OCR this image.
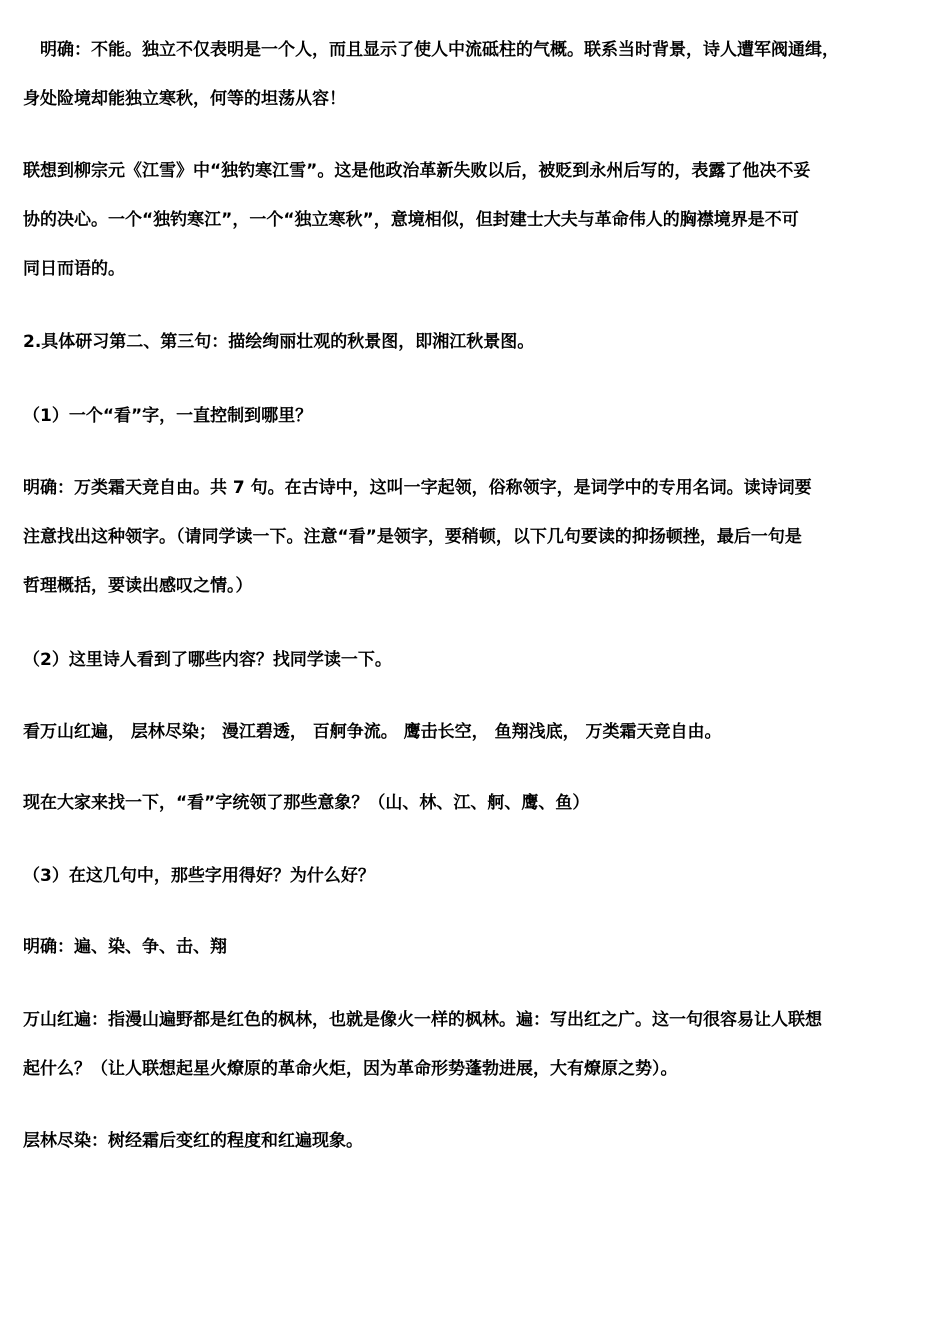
　明确：不能。独立不仅表明是一个人，而且显示了使人中流砥柱的气概。联系当时背景，诗人遭军阀通缉，
身处险境却能独立寒秋，何等的坦荡从容！

联想到柳宗元《江雪》中“独钓寒江雪”。这是他政治革新失败以后，被贬到永州后写的，表露了他决不妥
协的决心。一个“独钓寒江”，一个“独立寒秋”，意境相似，但封建士大夫与革命伟人的胸襟境界是不可
同日而语的。

2.具体研习第二、第三句：描绘绚丽壮观的秋景图，即湘江秋景图。

（1）一个“看”字，一直控制到哪里？

明确：万类霜天竞自由。共 7 句。在古诗中，这叫一字起领，俗称领字，是词学中的专用名词。读诗词要
注意找出这种领字。（请同学读一下。注意“看”是领字，要稍顿，以下几句要读的抑扬顿挫，最后一句是
哲理概括，要读出感叹之情。）

（2）这里诗人看到了哪些内容？找同学读一下。

看万山红遍， 层林尽染； 漫江碧透， 百舸争流。 鹰击长空， 鱼翔浅底， 万类霜天竞自由。

现在大家来找一下，“看”字统领了那些意象？（山、林、江、舸、鹰、鱼）

（3）在这几句中，那些字用得好？为什么好？

明确：遍、染、争、击、翔

万山红遍：指漫山遍野都是红色的枫林，也就是像火一样的枫林。遍：写出红之广。这一句很容易让人联想
起什么？（让人联想起星火燎原的革命火炬，因为革命形势蓬勃进展，大有燎原之势）。

层林尽染：树经霜后变红的程度和红遍现象。
